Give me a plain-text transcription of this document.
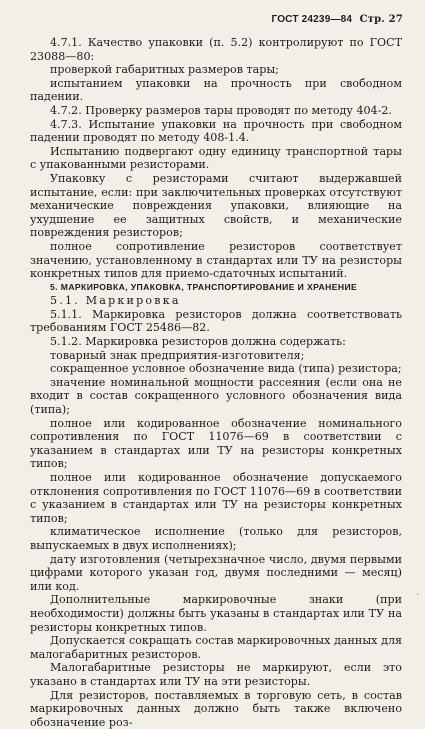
ГОСТ 24239—84 Стр. 27

4.7.1. Качество упаковки (п. 5.2) контролируют по ГОСТ 23088—80:

проверкой габаритных размеров тары;

испытанием упаковки на прочность при свободном падении.

4.7.2. Проверку размеров тары проводят по методу 404-2.

4.7.3. Испытание упаковки на прочность при свободном падении проводят по методу 408-1.4.

Испытанию подвергают одну единицу транспортной тары с упакованными резисторами.

Упаковку с резисторами считают выдержавшей испытание, если: при заключительных проверках отсутствуют механические повреждения упаковки, влияющие на ухудшение ее защитных свойств, и механические повреждения резисторов;

полное сопротивление резисторов соответствует значению, установленному в стандартах или ТУ на резисторы конкретных типов для приемо-сдаточных испытаний.

5. МАРКИРОВКА, УПАКОВКА, ТРАНСПОРТИРОВАНИЕ И ХРАНЕНИЕ

5.1. Маркировка

5.1.1. Маркировка резисторов должна соответствовать требованиям ГОСТ 25486—82.

5.1.2. Маркировка резисторов должна содержать:

товарный знак предприятия-изготовителя;

сокращенное условное обозначение вида (типа) резистора;

значение номинальной мощности рассеяния (если она не входит в состав сокращенного условного обозначения вида (типа);

полное или кодированное обозначение номинального сопротивления по ГОСТ 11076—69 в соответствии с указанием в стандартах или ТУ на резисторы конкретных типов;

полное или кодированное обозначение допускаемого отклонения сопротивления по ГОСТ 11076—69 в соответствии с указанием в стандартах или ТУ на резисторы конкретных типов;

климатическое исполнение (только для резисторов, выпускаемых в двух исполнениях);

дату изготовления (четырехзначное число, двумя первыми цифрами которого указан год, двумя последними — месяц) или код.

Дополнительные маркировочные знаки (при необходимости) должны быть указаны в стандартах или ТУ на резисторы конкретных типов.

Допускается сокращать состав маркировочных данных для малогабаритных резисторов.

Малогабаритные резисторы не маркируют, если это указано в стандартах или ТУ на эти резисторы.

Для резисторов, поставляемых в торговую сеть, в состав маркировочных данных должно быть также включено обозначение роз-

·
